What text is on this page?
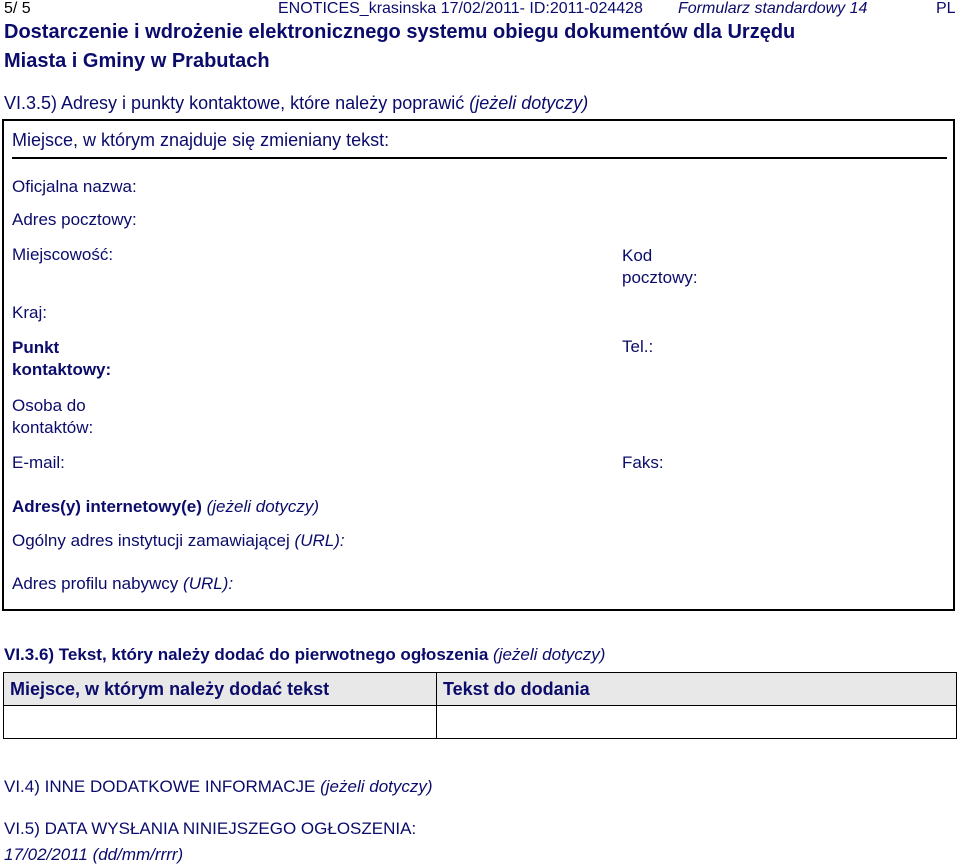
5/ 5	ENOTICES_krasinska 17/02/2011- ID:2011-024428 Formularz standardowy 14	PL
Dostarczenie i wdrożenie elektronicznego systemu obiegu dokumentów dla Urzędu
Miasta i Gminy w Prabutach
VI.3.5) Adresy i punkty kontaktowe, które należy poprawić (jeżeli dotyczy)
Miejsce, w którym znajduje się zmieniany tekst:
Oficjalna nazwa:
Adres pocztowy:
Miejscowość:	Kod
pocztowy:
Kraj:
Punkt
kontaktowy:
Tel.:
Osoba do
kontaktów:
E-mail:	Faks:
Adres(y) internetowy(e) (jeżeli dotyczy)
Ogólny adres instytucji zamawiającej (URL):
Adres profilu nabywcy (URL):
VI.3.6) Tekst, który należy dodać do pierwotnego ogłoszenia (jeżeli dotyczy)
Miejsce, w którym należy dodać tekst	Tekst do dodania

VI.4) INNE DODATKOWE INFORMACJE (jeżeli dotyczy)
VI.5) DATA WYSŁANIA NINIEJSZEGO OGŁOSZENIA:
17/02/2011 (dd/mm/rrrr)
